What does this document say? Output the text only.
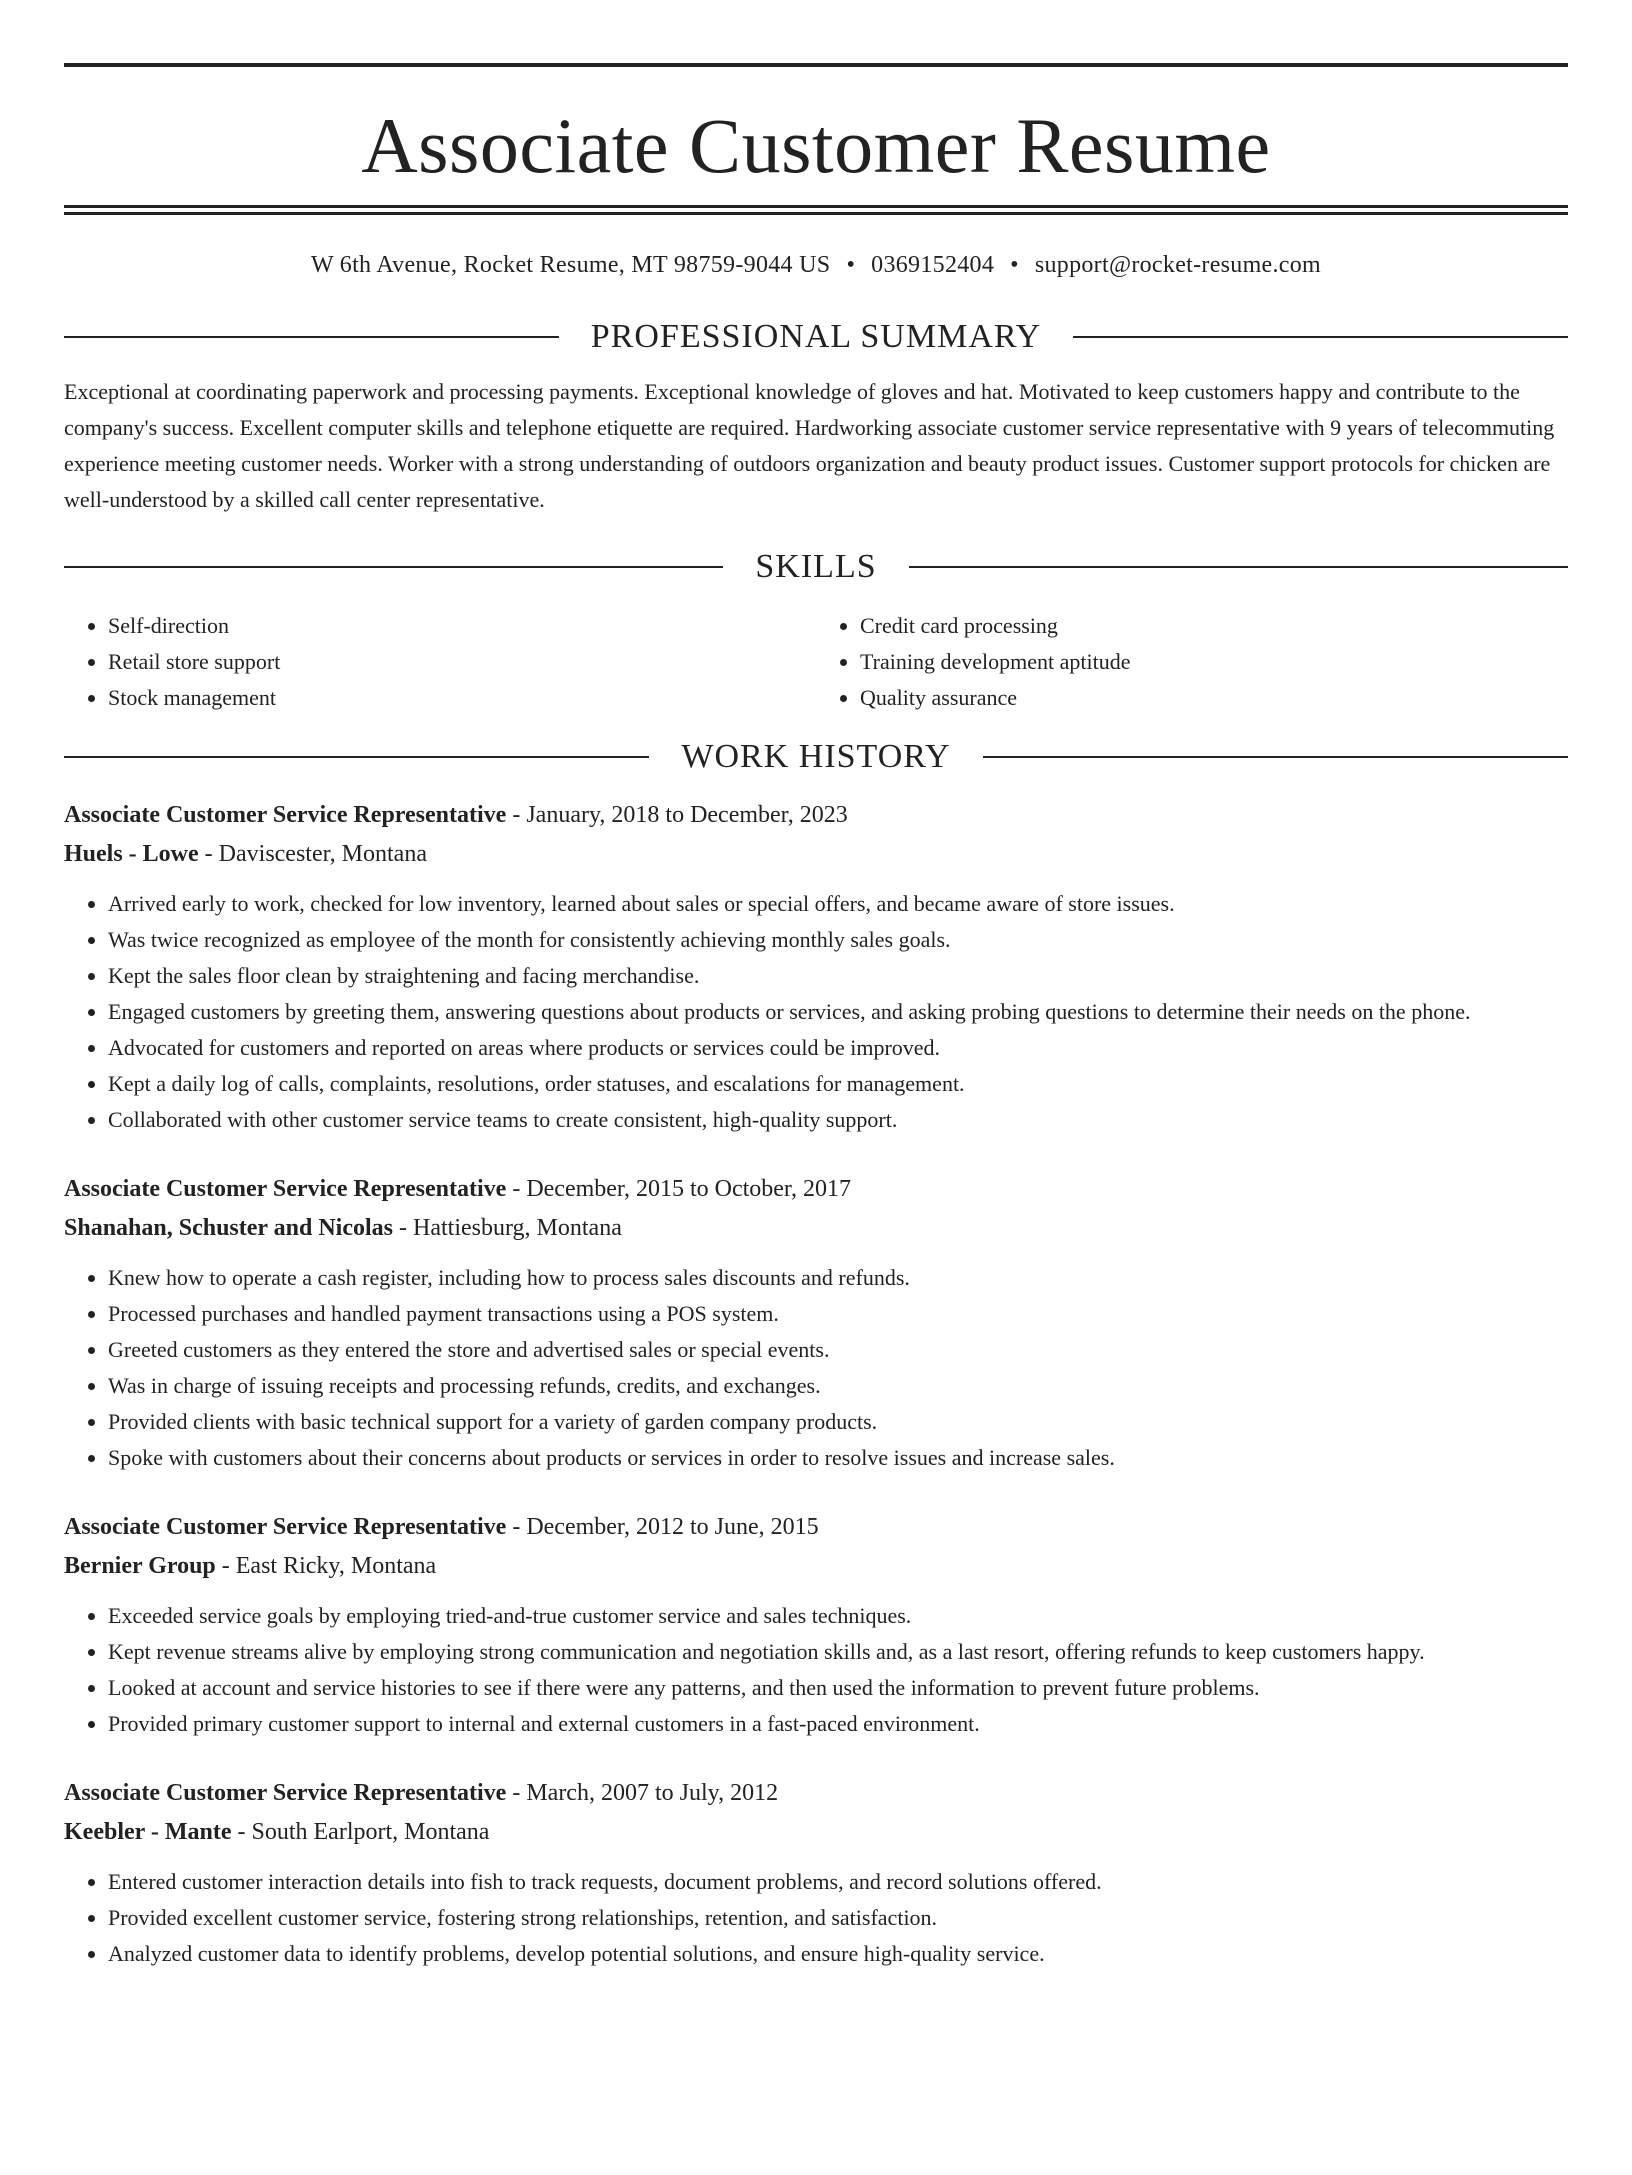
Associate Customer Resume
W 6th Avenue, Rocket Resume, MT 98759-9044 US • 0369152404 • support@rocket-resume.com
PROFESSIONAL SUMMARY

Exceptional at coordinating paperwork and processing payments. Exceptional knowledge of gloves and hat. Motivated to keep customers happy and contribute to the company's success. Excellent computer skills and telephone etiquette are required. Hardworking associate customer service representative with 9 years of telecommuting experience meeting customer needs. Worker with a strong understanding of outdoors organization and beauty product issues. Customer support protocols for chicken are well-understood by a skilled call center representative.

SKILLS
• Self-direction
• Retail store support
• Stock management
• Credit card processing
• Training development aptitude
• Quality assurance
WORK HISTORY
Associate Customer Service Representative - January, 2018 to December, 2023
Huels - Lowe - Daviscester, Montana
• Arrived early to work, checked for low inventory, learned about sales or special offers, and became aware of store issues.
• Was twice recognized as employee of the month for consistently achieving monthly sales goals.
• Kept the sales floor clean by straightening and facing merchandise.
• Engaged customers by greeting them, answering questions about products or services, and asking probing questions to determine their needs on the phone.
• Advocated for customers and reported on areas where products or services could be improved.
• Kept a daily log of calls, complaints, resolutions, order statuses, and escalations for management.
• Collaborated with other customer service teams to create consistent, high-quality support.
Associate Customer Service Representative - December, 2015 to October, 2017
Shanahan, Schuster and Nicolas - Hattiesburg, Montana
• Knew how to operate a cash register, including how to process sales discounts and refunds.
• Processed purchases and handled payment transactions using a POS system.
• Greeted customers as they entered the store and advertised sales or special events.
• Was in charge of issuing receipts and processing refunds, credits, and exchanges.
• Provided clients with basic technical support for a variety of garden company products.
• Spoke with customers about their concerns about products or services in order to resolve issues and increase sales.
Associate Customer Service Representative - December, 2012 to June, 2015
Bernier Group - East Ricky, Montana
• Exceeded service goals by employing tried-and-true customer service and sales techniques.
• Kept revenue streams alive by employing strong communication and negotiation skills and, as a last resort, offering refunds to keep customers happy.
• Looked at account and service histories to see if there were any patterns, and then used the information to prevent future problems.
• Provided primary customer support to internal and external customers in a fast-paced environment.
Associate Customer Service Representative - March, 2007 to July, 2012
Keebler - Mante - South Earlport, Montana
• Entered customer interaction details into fish to track requests, document problems, and record solutions offered.
• Provided excellent customer service, fostering strong relationships, retention, and satisfaction.
• Analyzed customer data to identify problems, develop potential solutions, and ensure high-quality service.
